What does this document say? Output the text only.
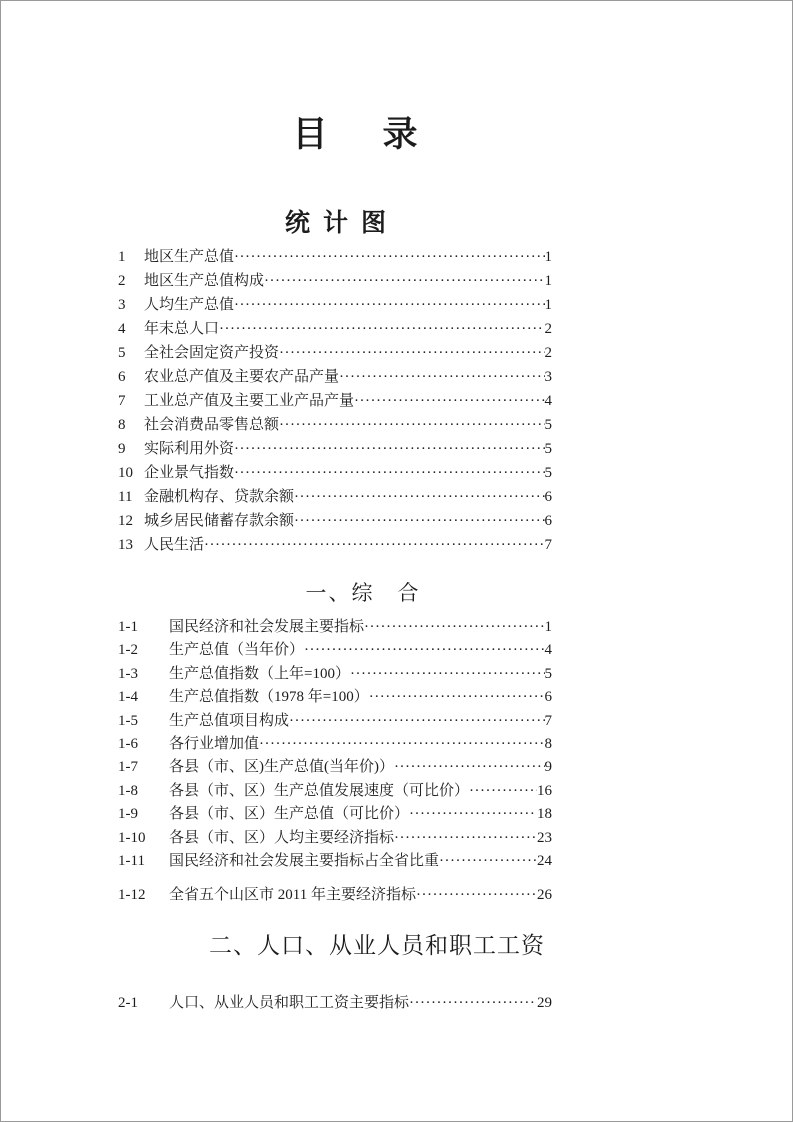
目　录
统 计 图
1	地区生产总值 ·····	1
2	地区生产总值构成 ·····	1
3	人均生产总值 ·····	1
4	年末总人口 ·····	2
5	全社会固定资产投资 ·····	2
6	农业总产值及主要农产品产量 ·····	3
7	工业总产值及主要工业产品产量 ·····	4
8	社会消费品零售总额 ·····	5
9	实际利用外资 ·····	5
10 企业景气指数 ·····	5
11 金融机构存、贷款余额 ·····	6
12 城乡居民储蓄存款余额 ·····	6
13 人民生活 ·····	7
一、综　合
1-1	国民经济和社会发展主要指标 ·····	1
1-2	生产总值（当年价） ·····	4
1-3	生产总值指数（上年=100） ·····	5
1-4	生产总值指数（1978 年=100） ·····	6
1-5	生产总值项目构成 ·····	7
1-6	各行业增加值 ·····	8
1-7	各县（市、区)生产总值(当年价)） ·····	9
1-8	各县（市、区）生产总值发展速度（可比价） ·····	16
1-9	各县（市、区）生产总值（可比价） ·····	18
1-10	各县（市、区）人均主要经济指标 ·····	23
1-11	国民经济和社会发展主要指标占全省比重 ·····	24
1-12	全省五个山区市 2011 年主要经济指标 ·····	26
二、人口、从业人员和职工工资
2-1	人口、从业人员和职工工资主要指标 ·····	29
